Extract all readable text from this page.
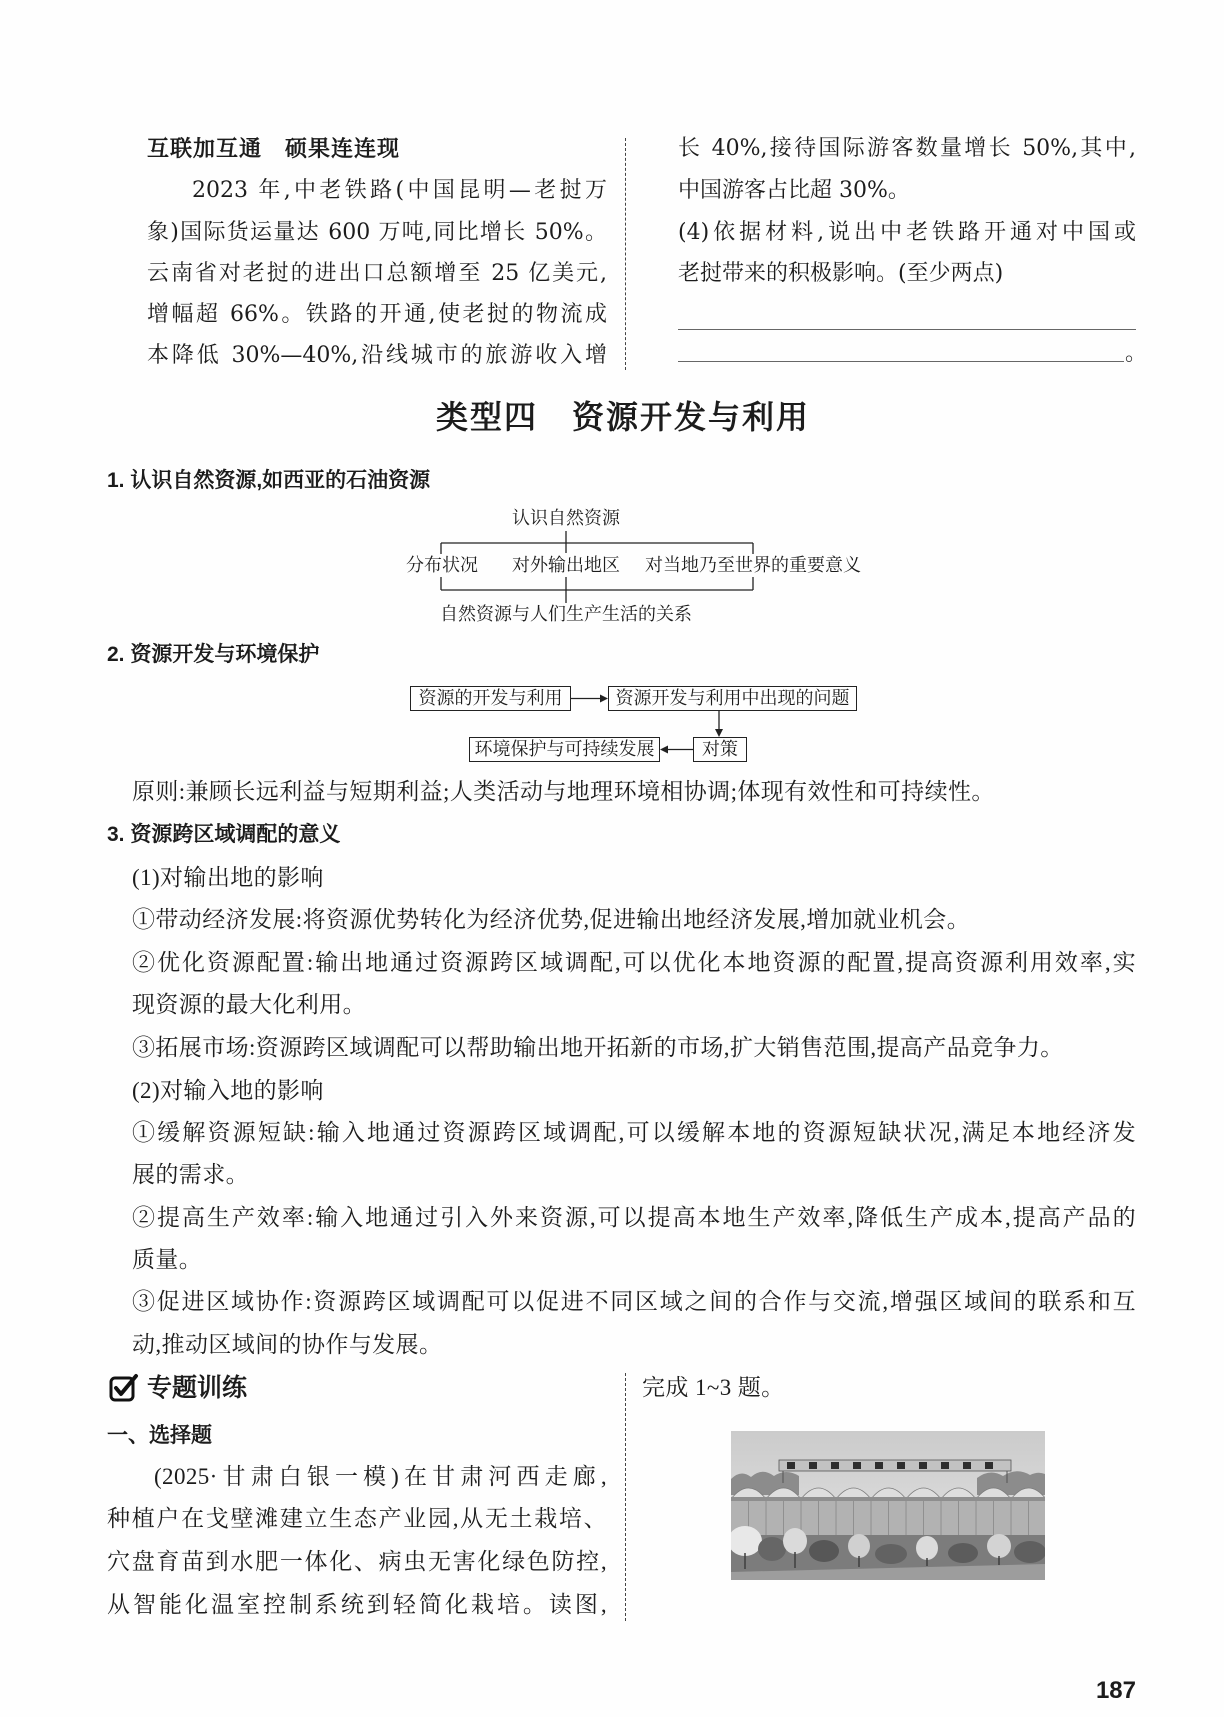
互联加互通　硕果连连现
2023 年,中老铁路(中国昆明—老挝万
象)国际货运量达 600 万吨,同比增长 50%。
云南省对老挝的进出口总额增至 25 亿美元,
增幅超 66%。铁路的开通,使老挝的物流成
本降低 30%—40%,沿线城市的旅游收入增
长 40%,接待国际游客数量增长 50%,其中,
中国游客占比超 30%。
(4)依据材料,说出中老铁路开通对中国或
老挝带来的积极影响。(至少两点)
。
类型四　资源开发与利用
1. 认识自然资源,如西亚的石油资源
认识自然资源
分布状况	对外输出地区	对当地乃至世界的重要意义
自然资源与人们生产生活的关系
2. 资源开发与环境保护
资源的开发与利用	资源开发与利用中出现的问题
对策
环境保护与可持续发展
原则:兼顾长远利益与短期利益;人类活动与地理环境相协调;体现有效性和可持续性。
3. 资源跨区域调配的意义
(1)对输出地的影响
①带动经济发展:将资源优势转化为经济优势,促进输出地经济发展,增加就业机会。
②优化资源配置:输出地通过资源跨区域调配,可以优化本地资源的配置,提高资源利用效率,实
现资源的最大化利用。
③拓展市场:资源跨区域调配可以帮助输出地开拓新的市场,扩大销售范围,提高产品竞争力。
(2)对输入地的影响
①缓解资源短缺:输入地通过资源跨区域调配,可以缓解本地的资源短缺状况,满足本地经济发
展的需求。
②提高生产效率:输入地通过引入外来资源,可以提高本地生产效率,降低生产成本,提高产品的
质量。
③促进区域协作:资源跨区域调配可以促进不同区域之间的合作与交流,增强区域间的联系和互
动,推动区域间的协作与发展。
专题训练
一、选择题
(2025·甘肃白银一模)在甘肃河西走廊,
种植户在戈壁滩建立生态产业园,从无土栽培、
穴盘育苗到水肥一体化、病虫无害化绿色防控,
从智能化温室控制系统到轻简化栽培。读图,
完成 1~3 题。
187
